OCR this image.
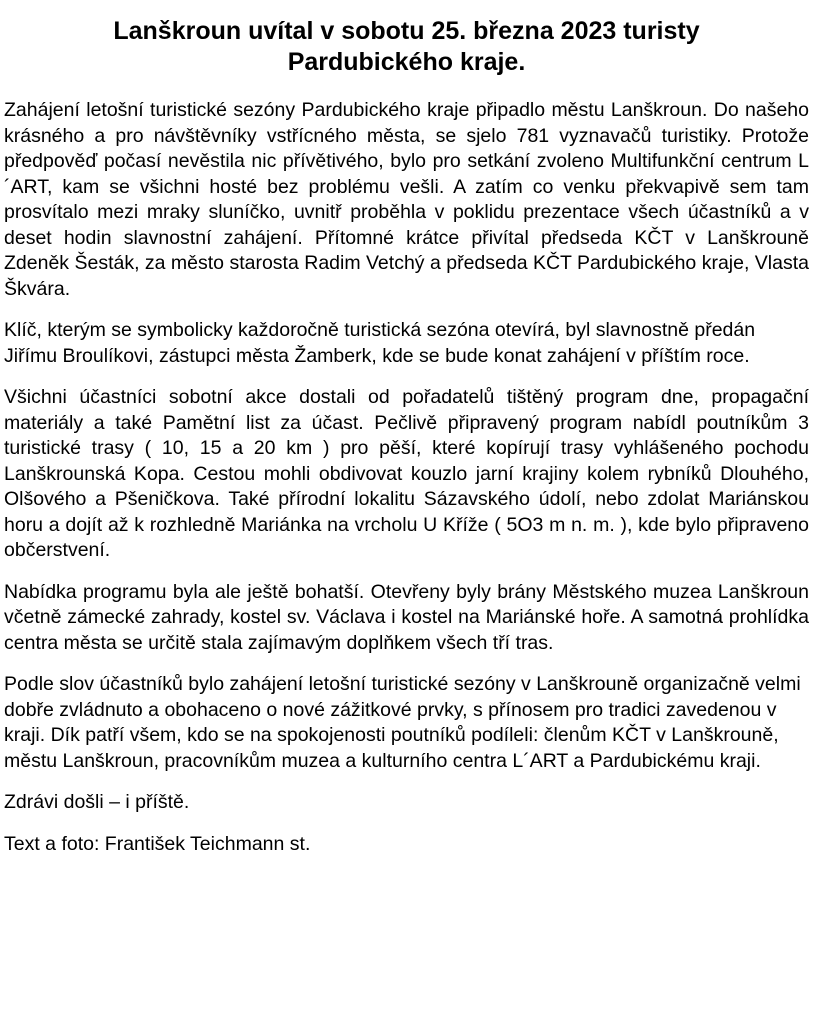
Lanškroun uvítal v sobotu 25. března 2023 turisty Pardubického kraje.

Zahájení letošní turistické sezóny Pardubického kraje připadlo městu Lanškroun. Do našeho krásného a pro návštěvníky vstřícného města, se sjelo 781 vyznavačů turistiky. Protože předpověď počasí nevěstila nic přívětivého, bylo pro setkání zvoleno Multifunkční centrum L´ART, kam se všichni hosté bez problému vešli. A zatím co venku překvapivě sem tam prosvítalo mezi mraky sluníčko, uvnitř proběhla v poklidu prezentace všech účastníků a v deset hodin slavnostní zahájení. Přítomné krátce přivítal předseda KČT v Lanškrouně Zdeněk Šesták, za město starosta Radim Vetchý a předseda KČT Pardubického kraje, Vlasta Škvára.

Klíč, kterým se symbolicky každoročně turistická sezóna otevírá, byl slavnostně předán Jiřímu Broulíkovi, zástupci města Žamberk, kde se bude konat zahájení v příštím roce.

Všichni účastníci sobotní akce dostali od pořadatelů tištěný program dne, propagační materiály a také Pamětní list za účast. Pečlivě připravený program nabídl poutníkům 3 turistické trasy ( 10, 15 a 20 km ) pro pěší, které kopírují trasy vyhlášeného pochodu Lanškrounská Kopa. Cestou mohli obdivovat kouzlo jarní krajiny kolem rybníků Dlouhého, Olšového a Pšeničkova. Také přírodní lokalitu Sázavského údolí, nebo zdolat Mariánskou horu a dojít až k rozhledně Mariánka na vrcholu U Kříže ( 5O3 m n. m. ), kde bylo připraveno občerstvení.

Nabídka programu byla ale ještě bohatší. Otevřeny byly brány Městského muzea Lanškroun včetně zámecké zahrady, kostel sv. Václava i kostel na Mariánské hoře. A samotná prohlídka centra města se určitě stala zajímavým doplňkem všech tří tras.

Podle slov účastníků bylo zahájení letošní turistické sezóny v Lanškrouně organizačně velmi dobře zvládnuto a obohaceno o nové zážitkové prvky, s přínosem pro tradici zavedenou v kraji. Dík patří všem, kdo se na spokojenosti poutníků podíleli: členům KČT v Lanškrouně, městu Lanškroun, pracovníkům muzea a kulturního centra L´ART a Pardubickému kraji.

Zdrávi došli – i příště.

Text a foto: František Teichmann st.
